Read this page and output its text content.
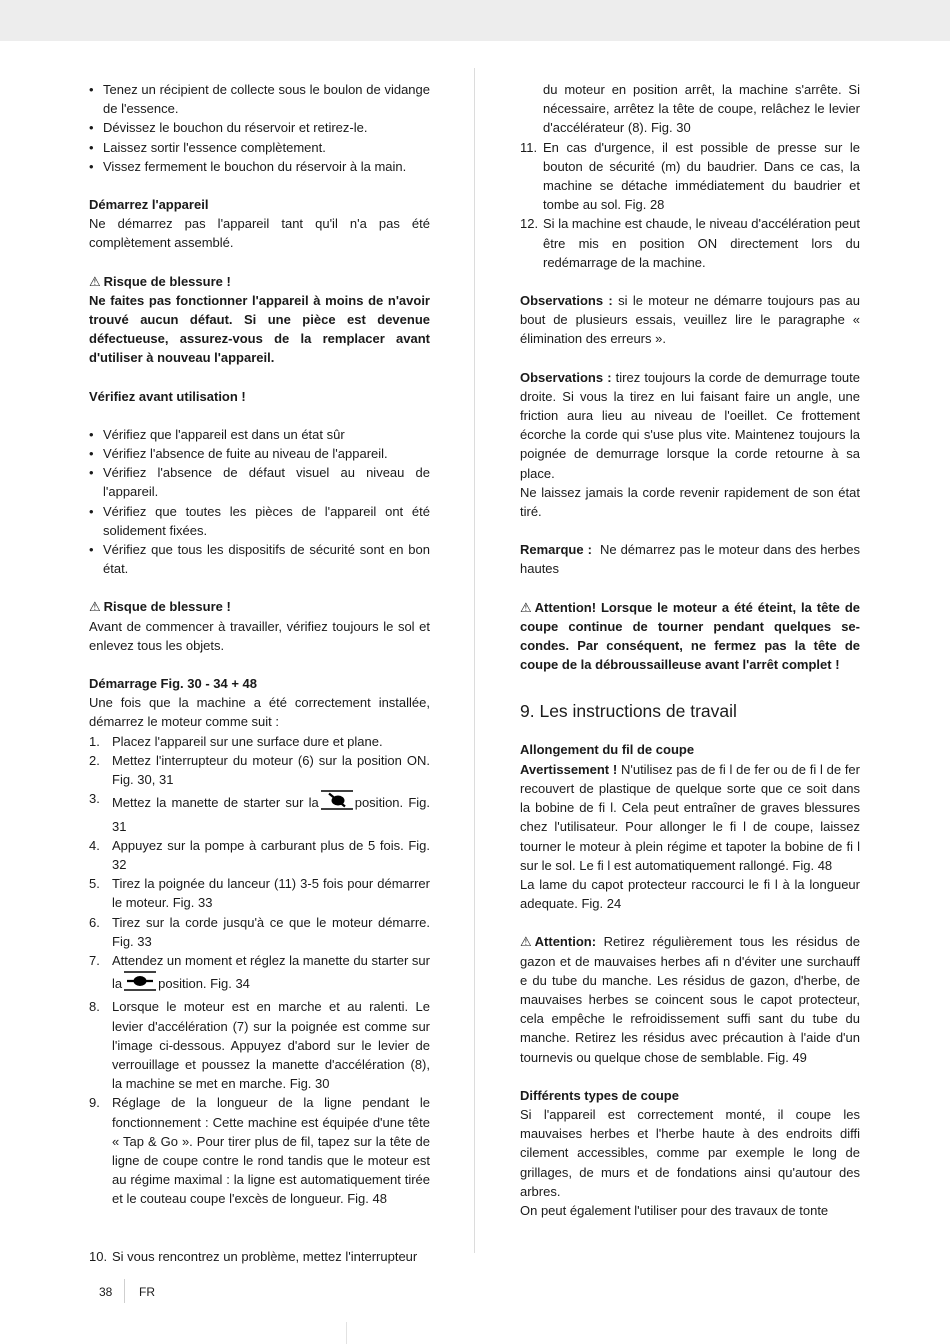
• Tenez un récipient de collecte sous le boulon de vidange de l'essence.
• Dévissez le bouchon du réservoir et retirez-le.
• Laissez sortir l'essence complètement.
• Vissez fermement le bouchon du réservoir à la main.

Démarrez l'appareil

Ne démarrez pas l'appareil tant qu'il n'a pas été complètement assemblé.

⚠ Risque de blessure !

Ne faites pas fonctionner l'appareil à moins de n'avoir trouvé aucun défaut. Si une pièce est devenue défectueuse, assurez-vous de la remplacer avant d'utiliser à nouveau l'appareil.

Vérifiez avant utilisation !

• Vérifiez que l'appareil est dans un état sûr
• Vérifiez l'absence de fuite au niveau de l'appareil.
• Vérifiez l'absence de défaut visuel au niveau de l'appareil.
• Vérifiez que toutes les pièces de l'appareil ont été solidement fixées.
• Vérifiez que tous les dispositifs de sécurité sont en bon état.

⚠ Risque de blessure !

Avant de commencer à travailler, vérifiez toujours le sol et enlevez tous les objets.

Démarrage Fig. 30 - 34 + 48

Une fois que la machine a été correctement installée, démarrez le moteur comme suit :

1. Placez l'appareil sur une surface dure et plane.
2. Mettez l'interrupteur du moteur (6) sur la position ON. Fig. 30, 31
3. Mettez la manette de starter sur la	position. Fig. 31
4. Appuyez sur la pompe à carburant plus de 5 fois. Fig. 32
5. Tirez la poignée du lanceur (11) 3-5 fois pour démarrer le moteur. Fig. 33
6. Tirez sur la corde jusqu'à ce que le moteur démarre. Fig. 33
7. Attendez un moment et réglez la manette du starter sur la	position. Fig. 34
8. Lorsque le moteur est en marche et au ralenti. Le levier d'accélération (7) sur la poignée est comme sur l'image ci-dessous. Appuyez d'abord sur le levier de verrouillage et poussez la manette d'accélération (8), la machine se met en marche. Fig. 30
9. Réglage de la longueur de la ligne pendant le fonctionnement : Cette machine est équipée d'une tête « Tap & Go ». Pour tirer plus de fil, tapez sur la tête de ligne de coupe contre le rond tandis que le moteur est au régime maximal : la ligne est automatiquement tirée et le couteau coupe l'excès de longueur. Fig. 48
10. Si vous rencontrez un problème, mettez l'interrupteur

du moteur en position arrêt, la machine s'arrête. Si nécessaire, arrêtez la tête de coupe, relâchez le levier d'accélérateur (8). Fig. 30

11. En cas d'urgence, il est possible de presse sur le bouton de sécurité (m) du baudrier. Dans ce cas, la machine se détache immédiatement du baudrier et tombe au sol. Fig. 28
12. Si la machine est chaude, le niveau d'accélération peut être mis en position ON directement lors du redémarrage de la machine.

Observations : si le moteur ne démarre toujours pas au bout de plusieurs essais, veuillez lire le paragraphe « élimination des erreurs ».

Observations : tirez toujours la corde de demurrage toute droite. Si vous la tirez en lui faisant faire un angle, une friction aura lieu au niveau de l'oeillet. Ce frottement écorche la corde qui s'use plus vite. Maintenez toujours la poignée de demurrage lorsque la corde retourne à sa place.

Ne laissez jamais la corde revenir rapidement de son état tiré.

Remarque : Ne démarrez pas le moteur dans des herbes hautes

⚠ Attention! Lorsque le moteur a été éteint, la tête de coupe continue de tourner pendant quelques se-condes. Par conséquent, ne fermez pas la tête de coupe de la débroussailleuse avant l'arrêt complet !

9. Les instructions de travail

Allongement du fil de coupe

Avertissement ! N'utilisez pas de fi l de fer ou de fi l de fer recouvert de plastique de quelque sorte que ce soit dans la bobine de fi l. Cela peut entraîner de graves blessures chez l'utilisateur. Pour allonger le fi l de coupe, laissez tourner le moteur à plein régime et tapoter la bobine de fi l sur le sol. Le fi l est automatiquement rallongé. Fig. 48

La lame du capot protecteur raccourci le fi l à la longueur adequate. Fig. 24

⚠ Attention: Retirez régulièrement tous les résidus de gazon et de mauvaises herbes afi n d'éviter une surchauff e du tube du manche. Les résidus de gazon, d'herbe, de mauvaises herbes se coincent sous le capot protecteur, cela empêche le refroidissement suffi sant du tube du manche. Retirez les résidus avec précaution à l'aide d'un tournevis ou quelque chose de semblable. Fig. 49

Différents types de coupe

Si l'appareil est correctement monté, il coupe les mauvaises herbes et l'herbe haute à des endroits diffi cilement accessibles, comme par exemple le long de grillages, de murs et de fondations ainsi qu'autour des arbres.

On peut également l'utiliser pour des travaux de tonte

38 FR
